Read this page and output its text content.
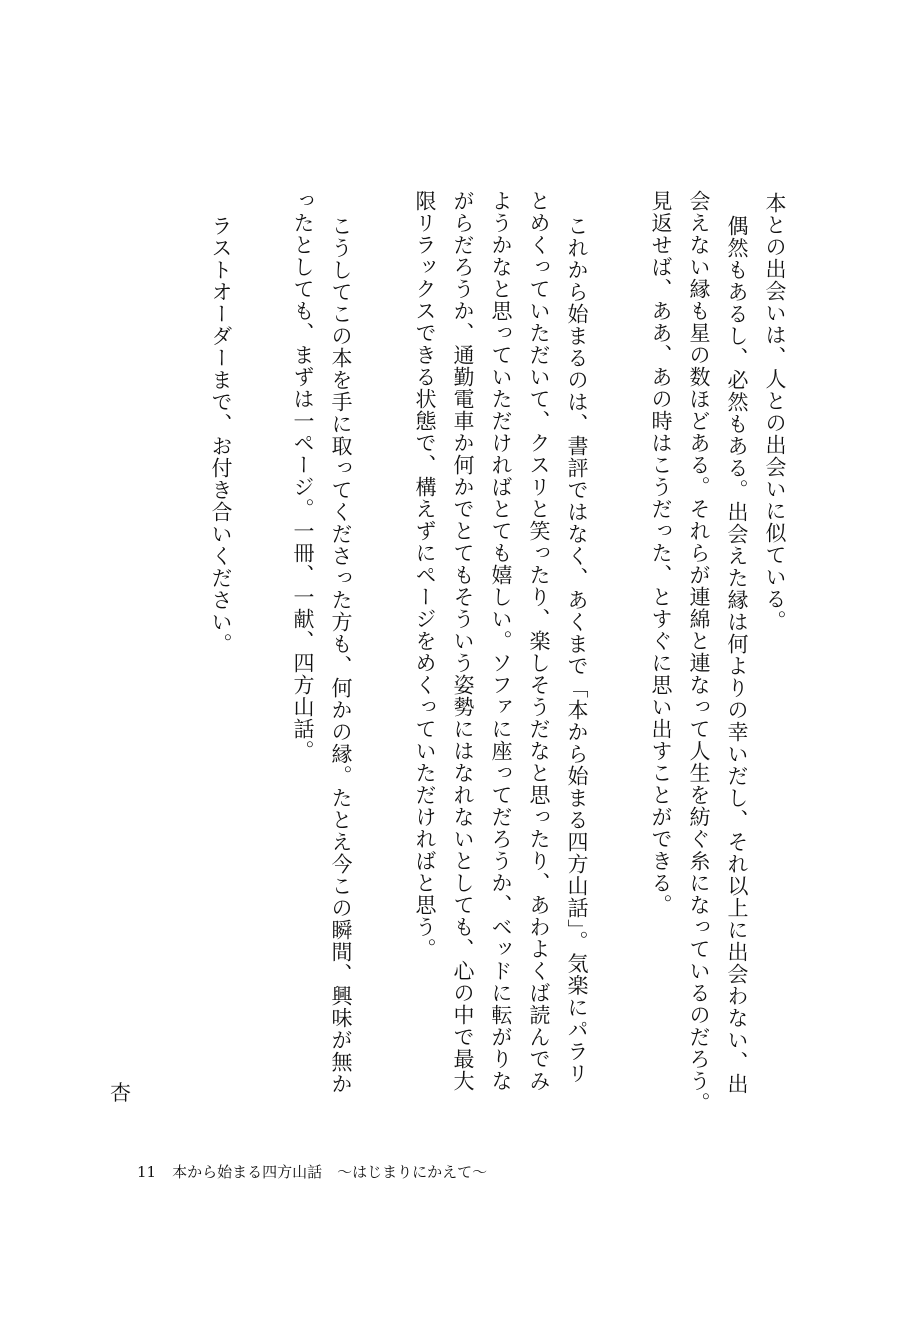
本との出会いは、人との出会いに似ている。
偶然もあるし、必然もある。出会えた縁は何よりの幸いだし、それ以上に出会わない、出
会えない縁も星の数ほどある。それらが連綿と連なって人生を紡ぐ糸になっているのだろう。
見返せば、ああ、あの時はこうだった、とすぐに思い出すことができる。
これから始まるのは、書評ではなく、あくまで「本から始まる四方山話」。気楽にパラリ
とめくっていただいて、クスリと笑ったり、楽しそうだなと思ったり、あわよくば読んでみ
ようかなと思っていただければとても嬉しい。ソファに座ってだろうか、ベッドに転がりな
がらだろうか、通勤電車か何かでとてもそういう姿勢にはなれないとしても、心の中で最大
限リラックスできる状態で、構えずにページをめくっていただければと思う。
こうしてこの本を手に取ってくださった方も、何かの縁。たとえ今この瞬間、興味が無か
ったとしても、まずは一ページ。一冊、一献、四方山話。
ラストオーダーまで、お付き合いください。
杏
11 本から始まる四方山話　〜はじまりにかえて〜
